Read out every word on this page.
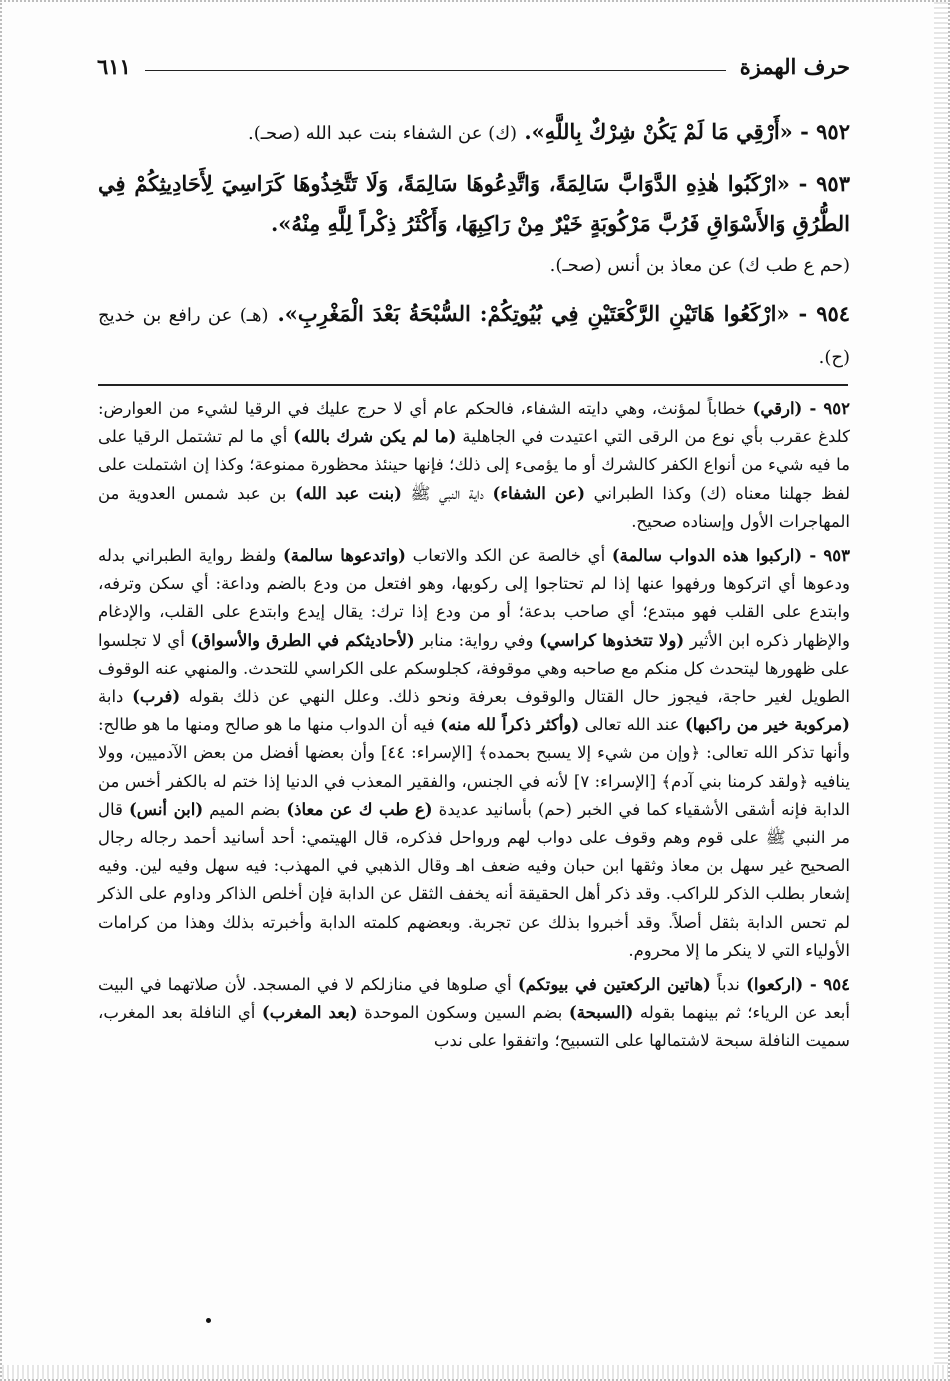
حرف الهمزة
٦١١

٩٥٢ - «أَرْقِي مَا لَمْ يَكُنْ شِرْكٌ بِاللَّهِ». (ك) عن الشفاء بنت عبد الله (صحـ).

٩٥٣ - «ارْكَبُوا هٰذِهِ الدَّوَابَّ سَالِمَةً، وَاتَّدِعُوهَا سَالِمَةً، وَلَا تَتَّخِذُوهَا كَرَاسِيَ لِأَحَادِيثِكُمْ فِي الطُّرُقِ وَالأَسْوَاقِ فَرُبَّ مَرْكُوبَةٍ خَيْرٌ مِنْ رَاكِبِهَا، وَأَكْثَرُ ذِكْراً لِلَّهِ مِنْهُ».
(حم ع طب ك) عن معاذ بن أنس (صحـ).

٩٥٤ - «ارْكَعُوا هَاتَيْنِ الرَّكْعَتَيْنِ فِي بُيُوتِكُمْ: السُّبْحَةُ بَعْدَ الْمَغْرِبِ». (هـ) عن رافع بن خديج (ح).

٩٥٢ - (ارقي) خطاباً لمؤنث، وهي دايته الشفاء، فالحكم عام أي لا حرج عليك في الرقيا لشيء من العوارض: كلدغ عقرب بأي نوع من الرقى التي اعتيدت في الجاهلية (ما لم يكن شرك بالله) أي ما لم تشتمل الرقيا على ما فيه شيء من أنواع الكفر كالشرك أو ما يؤمىء إلى ذلك؛ فإنها حينئذ محظورة ممنوعة؛ وكذا إن اشتملت على لفظ جهلنا معناه (ك) وكذا الطبراني (عن الشفاء) داية النبي ﷺ (بنت عبد الله) بن عبد شمس العدوية من المهاجرات الأول وإسناده صحيح.

٩٥٣ - (اركبوا هذه الدواب سالمة) أي خالصة عن الكد والاتعاب (واتدعوها سالمة) ولفظ رواية الطبراني بدله ودعوها أي اتركوها ورفهوا عنها إذا لم تحتاجوا إلى ركوبها، وهو افتعل من ودع بالضم وداعة: أي سكن وترفه، وابتدع على القلب فهو مبتدع؛ أي صاحب بدعة؛ أو من ودع إذا ترك: يقال إيدع وابتدع على القلب، والإدغام والإظهار ذكره ابن الأثير (ولا تتخذوها كراسي) وفي رواية: منابر (لأحاديثكم في الطرق والأسواق) أي لا تجلسوا على ظهورها ليتحدث كل منكم مع صاحبه وهي موقوفة، كجلوسكم على الكراسي للتحدث. والمنهي عنه الوقوف الطويل لغير حاجة، فيجوز حال القتال والوقوف بعرفة ونحو ذلك. وعلل النهي عن ذلك بقوله (فرب) دابة (مركوبة خير من راكبها) عند الله تعالى (وأكثر ذكراً لله منه) فيه أن الدواب منها ما هو صالح ومنها ما هو طالح: وأنها تذكر الله تعالى: ﴿وإن من شيء إلا يسبح بحمده﴾ [الإسراء: ٤٤] وأن بعضها أفضل من بعض الآدميين، وولا ينافيه ﴿ولقد كرمنا بني آدم﴾ [الإسراء: ٧] لأنه في الجنس، والفقير المعذب في الدنيا إذا ختم له بالكفر أخس من الدابة فإنه أشقى الأشقياء كما في الخبر (حم) بأسانيد عديدة (ع طب ك عن معاذ) بضم الميم (ابن أنس) قال مر النبي ﷺ على قوم وهم وقوف على دواب لهم ورواحل فذكره، قال الهيتمي: أحد أسانيد أحمد رجاله رجال الصحيح غير سهل بن معاذ وثقها ابن حبان وفيه ضعف اهـ وقال الذهبي في المهذب: فيه سهل وفيه لين. وفيه إشعار بطلب الذكر للراكب. وقد ذكر أهل الحقيقة أنه يخفف الثقل عن الدابة فإن أخلص الذاكر وداوم على الذكر لم تحس الدابة بثقل أصلاً. وقد أخبروا بذلك عن تجربة. وبعضهم كلمته الدابة وأخبرته بذلك وهذا من كرامات الأولياء التي لا ينكر ما إلا محروم.

٩٥٤ - (اركعوا) ندباً (هاتين الركعتين في بيوتكم) أي صلوها في منازلكم لا في المسجد. لأن صلاتهما في البيت أبعد عن الرياء؛ ثم بينهما بقوله (السبحة) بضم السين وسكون الموحدة (بعد المغرب) أي النافلة بعد المغرب، سميت النافلة سبحة لاشتمالها على التسبيح؛ واتفقوا على ندب
